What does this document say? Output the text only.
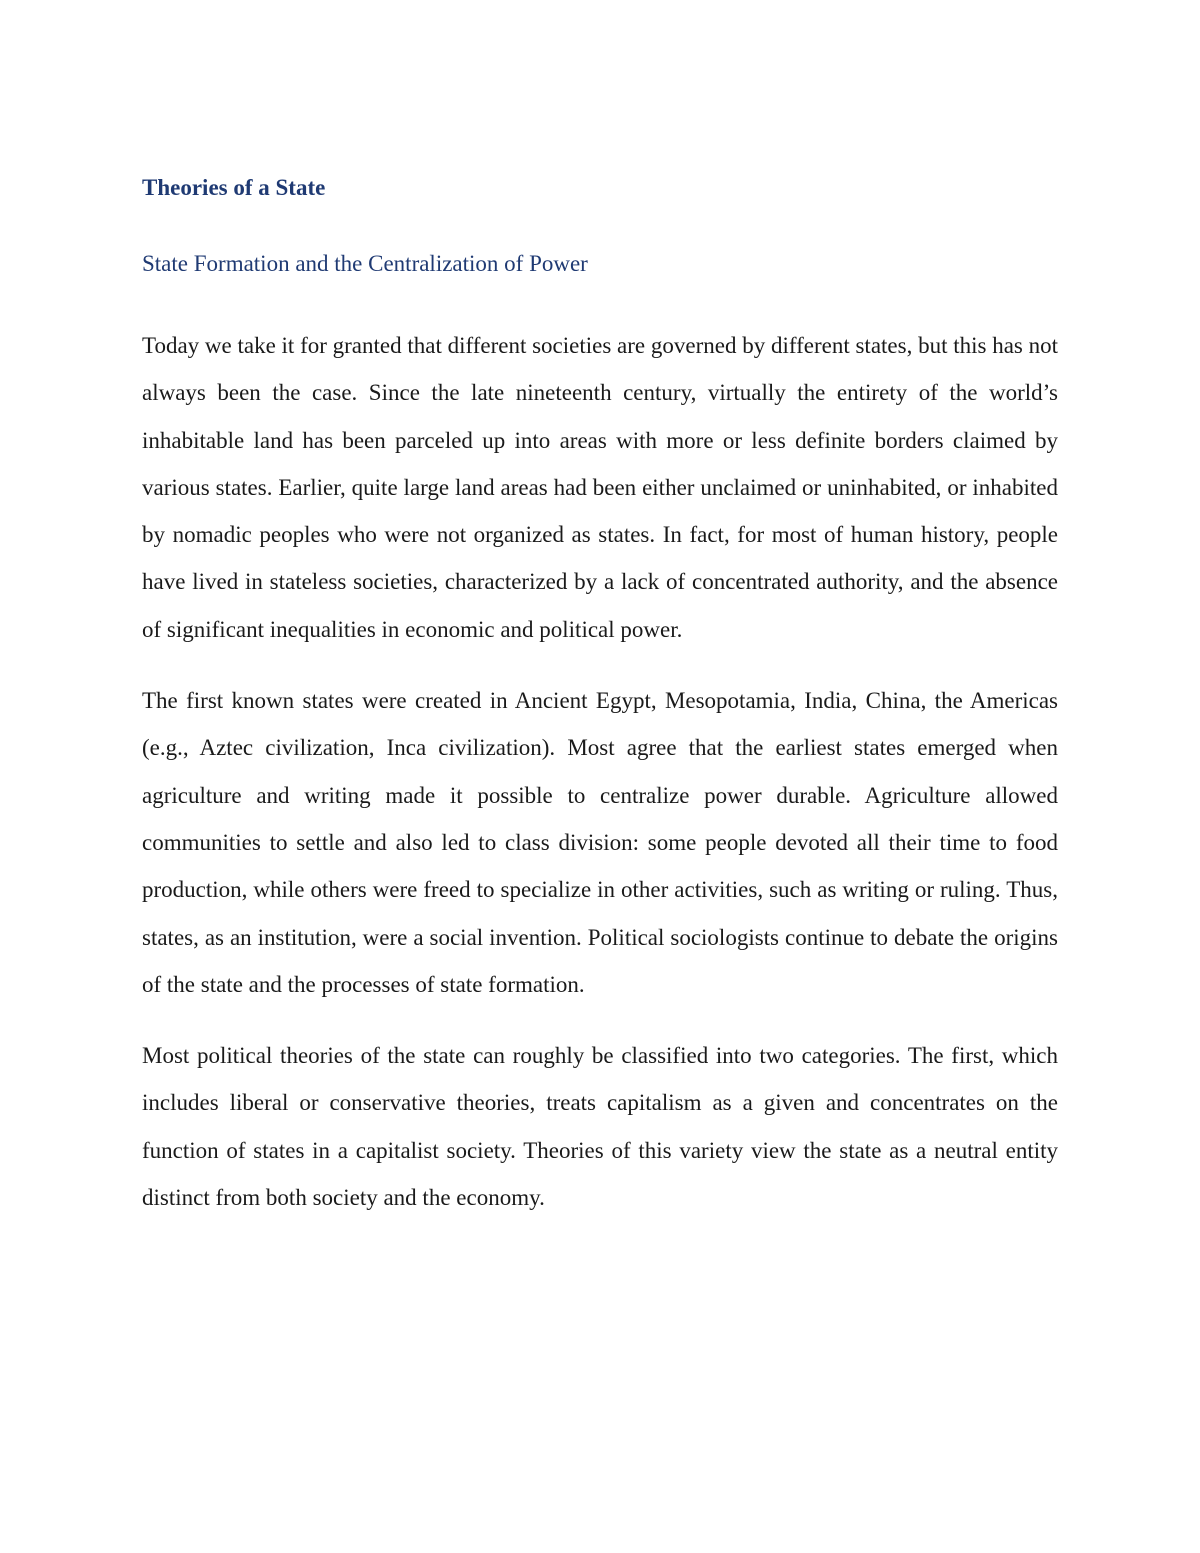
Theories of a State
State Formation and the Centralization of Power

Today we take it for granted that different societies are governed by different states, but this has not always been the case. Since the late nineteenth century, virtually the entirety of the world’s inhabitable land has been parceled up into areas with more or less definite borders claimed by various states. Earlier, quite large land areas had been either unclaimed or uninhabited, or inhabited by nomadic peoples who were not organized as states. In fact, for most of human history, people have lived in stateless societies, characterized by a lack of concentrated authority, and the absence of significant inequalities in economic and political power.

The first known states were created in Ancient Egypt, Mesopotamia, India, China, the Americas (e.g., Aztec civilization, Inca civilization). Most agree that the earliest states emerged when agriculture and writing made it possible to centralize power durable. Agriculture allowed communities to settle and also led to class division: some people devoted all their time to food production, while others were freed to specialize in other activities, such as writing or ruling. Thus, states, as an institution, were a social invention. Political sociologists continue to debate the origins of the state and the processes of state formation.

Most political theories of the state can roughly be classified into two categories. The first, which includes liberal or conservative theories, treats capitalism as a given and concentrates on the function of states in a capitalist society. Theories of this variety view the state as a neutral entity distinct from both society and the economy.
